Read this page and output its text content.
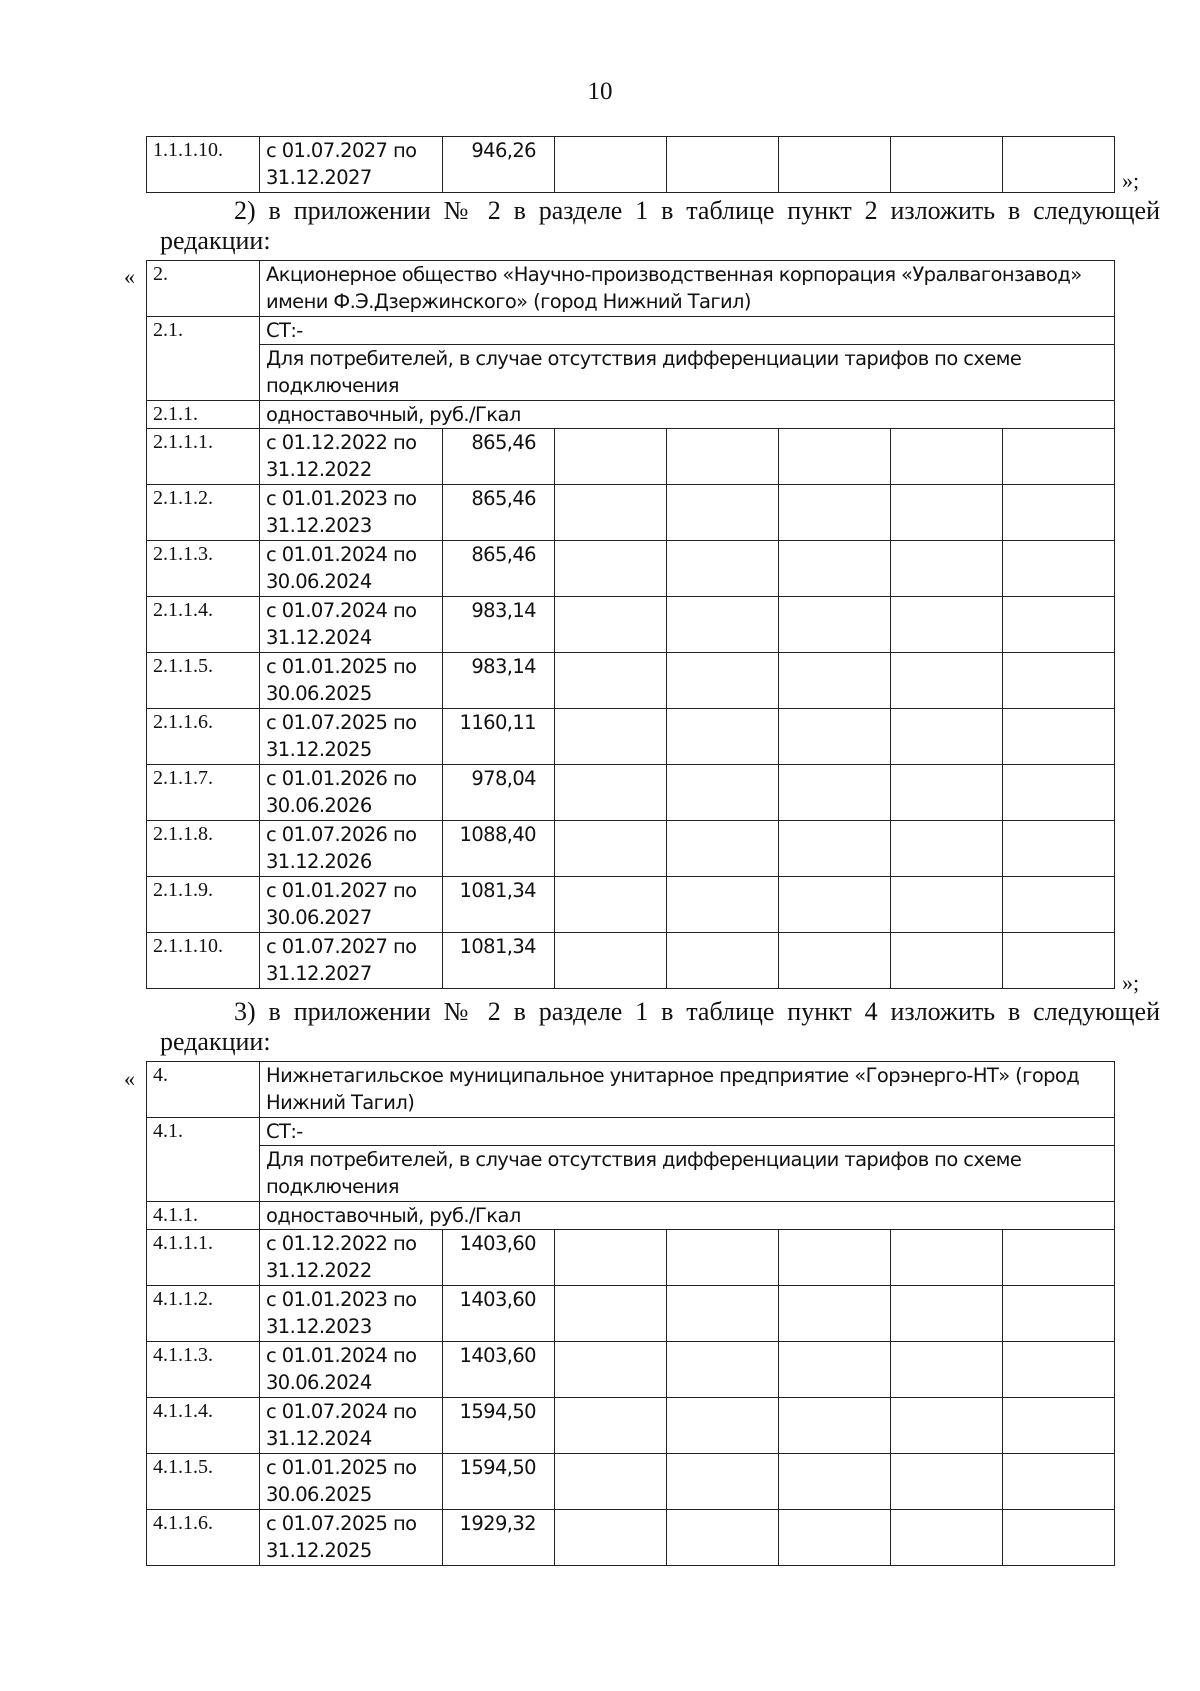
10
1.1.1.10.	с 01.07.2027 по 31.12.2027	946,26					
»;
2) в приложении № 2 в разделе 1 в таблице пункт 2 изложить в следующей редакции:
« 2.	Акционерное общество «Научно-производственная корпорация «Уралвагонзавод» имени Ф.Э.Дзержинского» (город Нижний Тагил)						
2.1.	СТ:-						
	Для потребителей, в случае отсутствия дифференциации тарифов по схеме подключения						
2.1.1.	одноставочный, руб./Гкал						
2.1.1.1.	с 01.12.2022 по 31.12.2022	865,46					
2.1.1.2.	с 01.01.2023 по 31.12.2023	865,46					
2.1.1.3.	с 01.01.2024 по 30.06.2024	865,46					
2.1.1.4.	с 01.07.2024 по 31.12.2024	983,14					
2.1.1.5.	с 01.01.2025 по 30.06.2025	983,14					
2.1.1.6.	с 01.07.2025 по 31.12.2025	1160,11					
2.1.1.7.	с 01.01.2026 по 30.06.2026	978,04					
2.1.1.8.	с 01.07.2026 по 31.12.2026	1088,40					
2.1.1.9.	с 01.01.2027 по 30.06.2027	1081,34					
2.1.1.10.	с 01.07.2027 по 31.12.2027	1081,34					
»;
3) в приложении № 2 в разделе 1 в таблице пункт 4 изложить в следующей редакции:
« 4.	Нижнетагильское муниципальное унитарное предприятие «Горэнерго-НТ» (город Нижний Тагил)						
4.1.	СТ:-						
	Для потребителей, в случае отсутствия дифференциации тарифов по схеме подключения						
4.1.1.	одноставочный, руб./Гкал						
4.1.1.1.	с 01.12.2022 по 31.12.2022	1403,60					
4.1.1.2.	с 01.01.2023 по 31.12.2023	1403,60					
4.1.1.3.	с 01.01.2024 по 30.06.2024	1403,60					
4.1.1.4.	с 01.07.2024 по 31.12.2024	1594,50					
4.1.1.5.	с 01.01.2025 по 30.06.2025	1594,50					
4.1.1.6.	с 01.07.2025 по 31.12.2025	1929,32					
